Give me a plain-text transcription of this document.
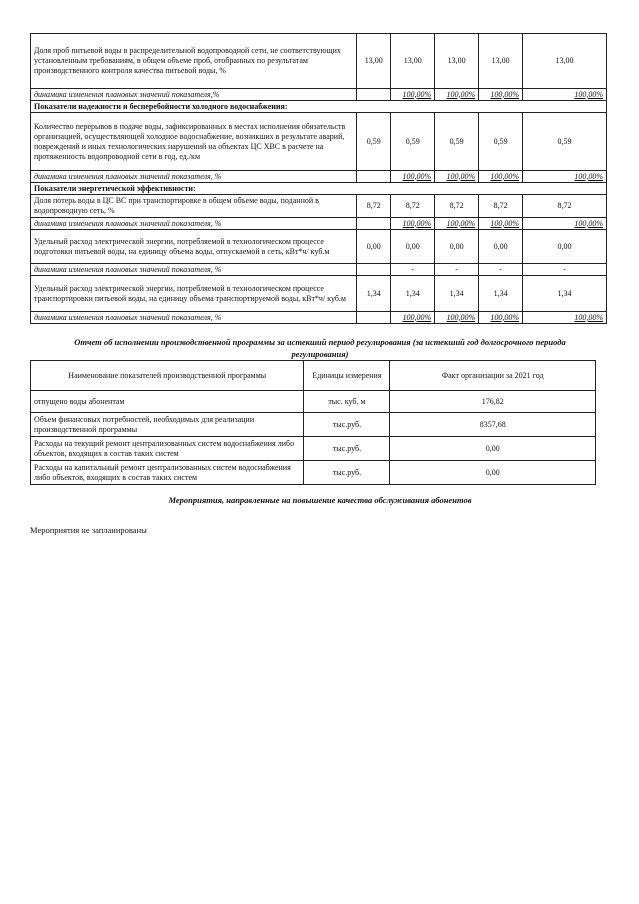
Доля проб питьевой воды в распределительной водопроводной сети, не соответствующих установленным требованиям, в общем объеме проб, отобранных по результатам производственного контроля качества питьевой воды, %	13,00	13,00	13,00	13,00	13,00
динамика изменения плановых значений показателя,%		100,00%	100,00%	100,00%	100,00%
Показатели надежности и бесперебойности холодного водоснабжения:					
Количество перерывов в подаче воды, зафиксированных в местах исполнения обязательств организацией, осуществляющей холодное водоснабжение, возникших в результате аварий, повреждений и иных технологических нарушений на объектах ЦС ХВС в расчете на протяженность водопроводной сети в год, ед./км	0,59	0,59	0,59	0,59	0,59
динамика изменения плановых значений показателя, %		100,00%	100,00%	100,00%	100,00%
Показатели энергетической эффективности:					
Доля потерь воды в ЦС ВС при транспортировке в общем объеме воды, поданной в водопроводную сеть, %	8,72	8,72	8,72	8,72	8,72
динамика изменения плановых значений показателя, %		100,00%	100,00%	100,00%	100,00%
Удельный расход электрической энергии, потребляемой в технологическом процессе подготовки питьевой воды, на единицу объема воды, отпускаемой в сеть, кВт*ч/ куб.м	0,00	0,00	0,00	0,00	0,00
динамика изменения плановых значений показателя, %		-	-	-	-
Удельный расход электрической энергии, потребляемой в технологическом процессе транспортировки питьевой воды, на единицу объема транспортируемой воды, кВт*ч/ куб.м	1,34	1,34	1,34	1,34	1,34
динамика изменения плановых значений показателя, %		100,00%	100,00%	100,00%	100,00%
Отчет об исполнении производственной программы за истекший период регулирования (за истекший год долгосрочного периода регулирования)
Наименование показателей производственной программы	Единицы измерения	Факт организации за 2021 год
отпущено воды абонентам	тыс. куб. м	176,82
Объем финансовых потребностей, необходимых для реализации производственной программы	тыс.руб.	8357,68
Расходы на текущий ремонт централизованных систем водоснабжения либо объектов, входящих в состав таких систем	тыс.руб.	0,00
Расходы на капитальный ремонт централизованных систем водоснабжения либо объектов, входящих в состав таких систем	тыс.руб.	0,00
Мероприятия, направленные на повышение качества обслуживания абонентов
Мероприятия не запланированы
